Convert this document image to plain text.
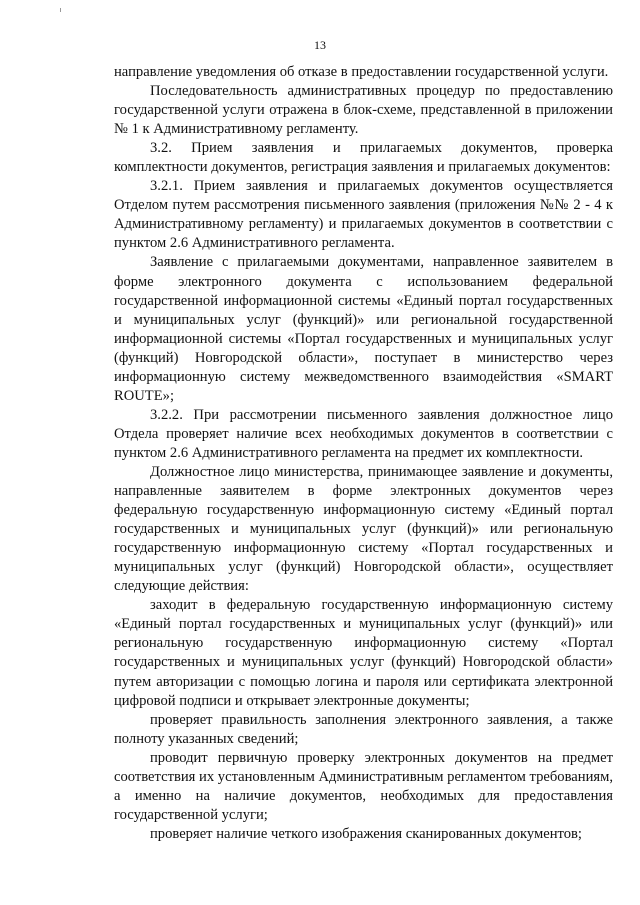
13

направление уведомления об отказе в предоставлении государственной услуги.

Последовательность административных процедур по предоставлению государственной услуги отражена в блок-схеме, представленной в приложении № 1 к Административному регламенту.

3.2. Прием заявления и прилагаемых документов, проверка комплектности документов, регистрация заявления и прилагаемых документов:

3.2.1. Прием заявления и прилагаемых документов осуществляется Отделом путем рассмотрения письменного заявления (приложения №№ 2 - 4 к Административному регламенту) и прилагаемых документов в соответствии с пунктом 2.6 Административного регламента.

Заявление с прилагаемыми документами, направленное заявителем в форме электронного документа с использованием федеральной государственной информационной системы «Единый портал государственных и муниципальных услуг (функций)» или региональной государственной информационной системы «Портал государственных и муниципальных услуг (функций) Новгородской области», поступает в министерство через информационную систему межведомственного взаимодействия «SMART ROUTE»;

3.2.2. При рассмотрении письменного заявления должностное лицо Отдела проверяет наличие всех необходимых документов в соответствии с пунктом 2.6 Административного регламента на предмет их комплектности.

Должностное лицо министерства, принимающее заявление и документы, направленные заявителем в форме электронных документов через федеральную государственную информационную систему «Единый портал государственных и муниципальных услуг (функций)» или региональную государственную информационную систему «Портал государственных и муниципальных услуг (функций) Новгородской области», осуществляет следующие действия:

заходит в федеральную государственную информационную систему «Единый портал государственных и муниципальных услуг (функций)» или региональную государственную информационную систему «Портал государственных и муниципальных услуг (функций) Новгородской области» путем авторизации с помощью логина и пароля или сертификата электронной цифровой подписи и открывает электронные документы;

проверяет правильность заполнения электронного заявления, а также полноту указанных сведений;

проводит первичную проверку электронных документов на предмет соответствия их установленным Административным регламентом требованиям, а именно на наличие документов, необходимых для предоставления государственной услуги;

проверяет наличие четкого изображения сканированных документов;
